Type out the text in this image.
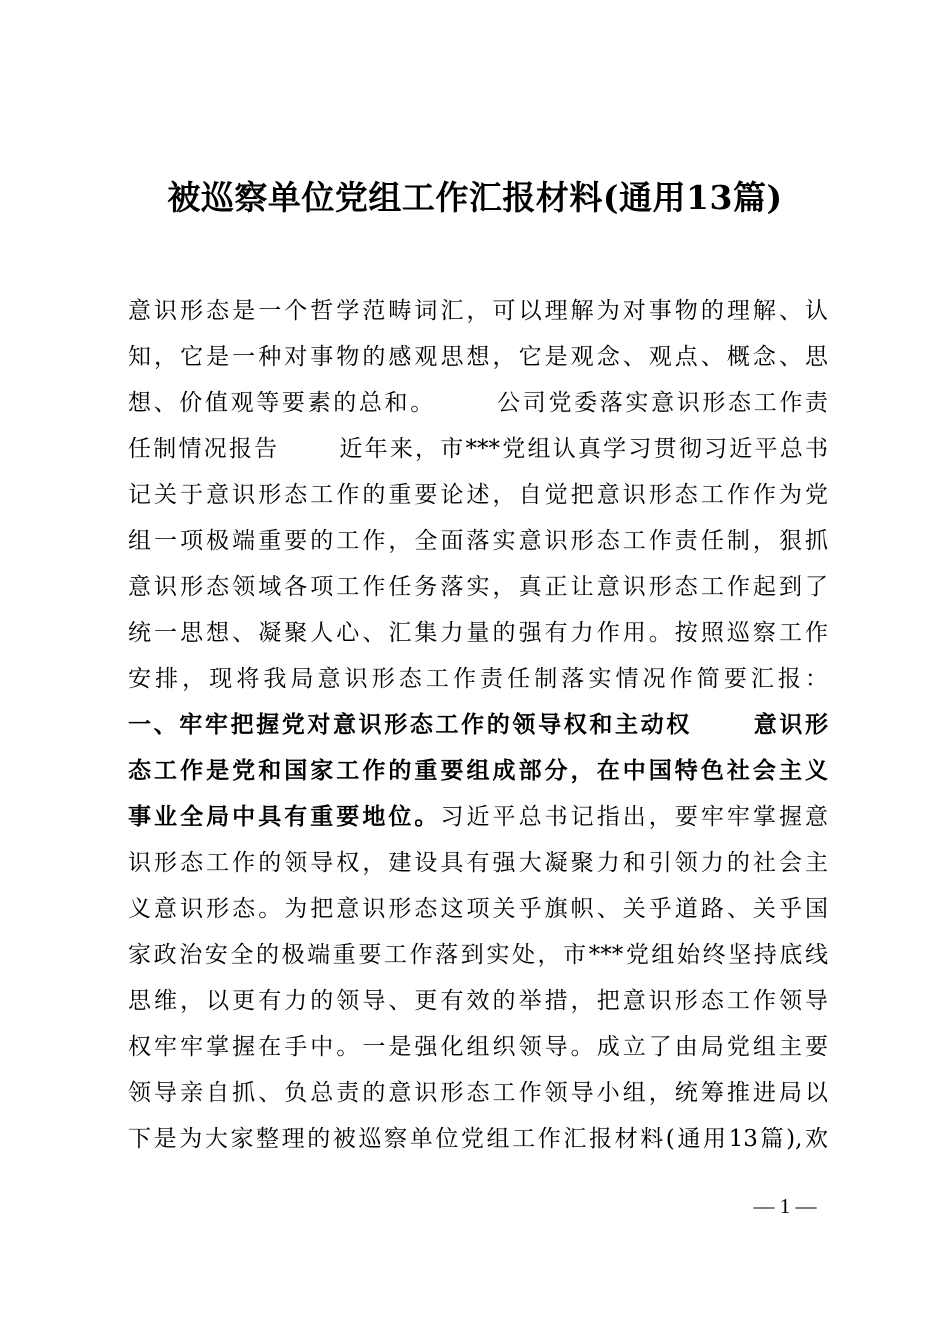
被巡察单位党组工作汇报材料(通用13篇)

意识形态是一个哲学范畴词汇，可以理解为对事物的理解、认

知，它是一种对事物的感观思想，它是观念、观点、概念、思

想、价值观等要素的总和。 　　公司党委落实意识形态工作责

任制情况报告 　　近年来，市***党组认真学习贯彻习近平总书

记关于意识形态工作的重要论述，自觉把意识形态工作作为党

组一项极端重要的工作，全面落实意识形态工作责任制，狠抓

意识形态领域各项工作任务落实，真正让意识形态工作起到了

统一思想、凝聚人心、汇集力量的强有力作用。按照巡察工作

安排，现将我局意识形态工作责任制落实情况作简要汇报：

一、牢牢把握党对意识形态工作的领导权和主动权 　　意识形

态工作是党和国家工作的重要组成部分，在中国特色社会主义

事业全局中具有重要地位。习近平总书记指出，要牢牢掌握意

识形态工作的领导权，建设具有强大凝聚力和引领力的社会主

义意识形态。为把意识形态这项关乎旗帜、关乎道路、关乎国

家政治安全的极端重要工作落到实处，市***党组始终坚持底线

思维，以更有力的领导、更有效的举措，把意识形态工作领导

权牢牢掌握在手中。一是强化组织领导。成立了由局党组主要

领导亲自抓、负总责的意识形态工作领导小组，统筹推进局以

下是为大家整理的被巡察单位党组工作汇报材料(通用13篇),欢

— 1 —
